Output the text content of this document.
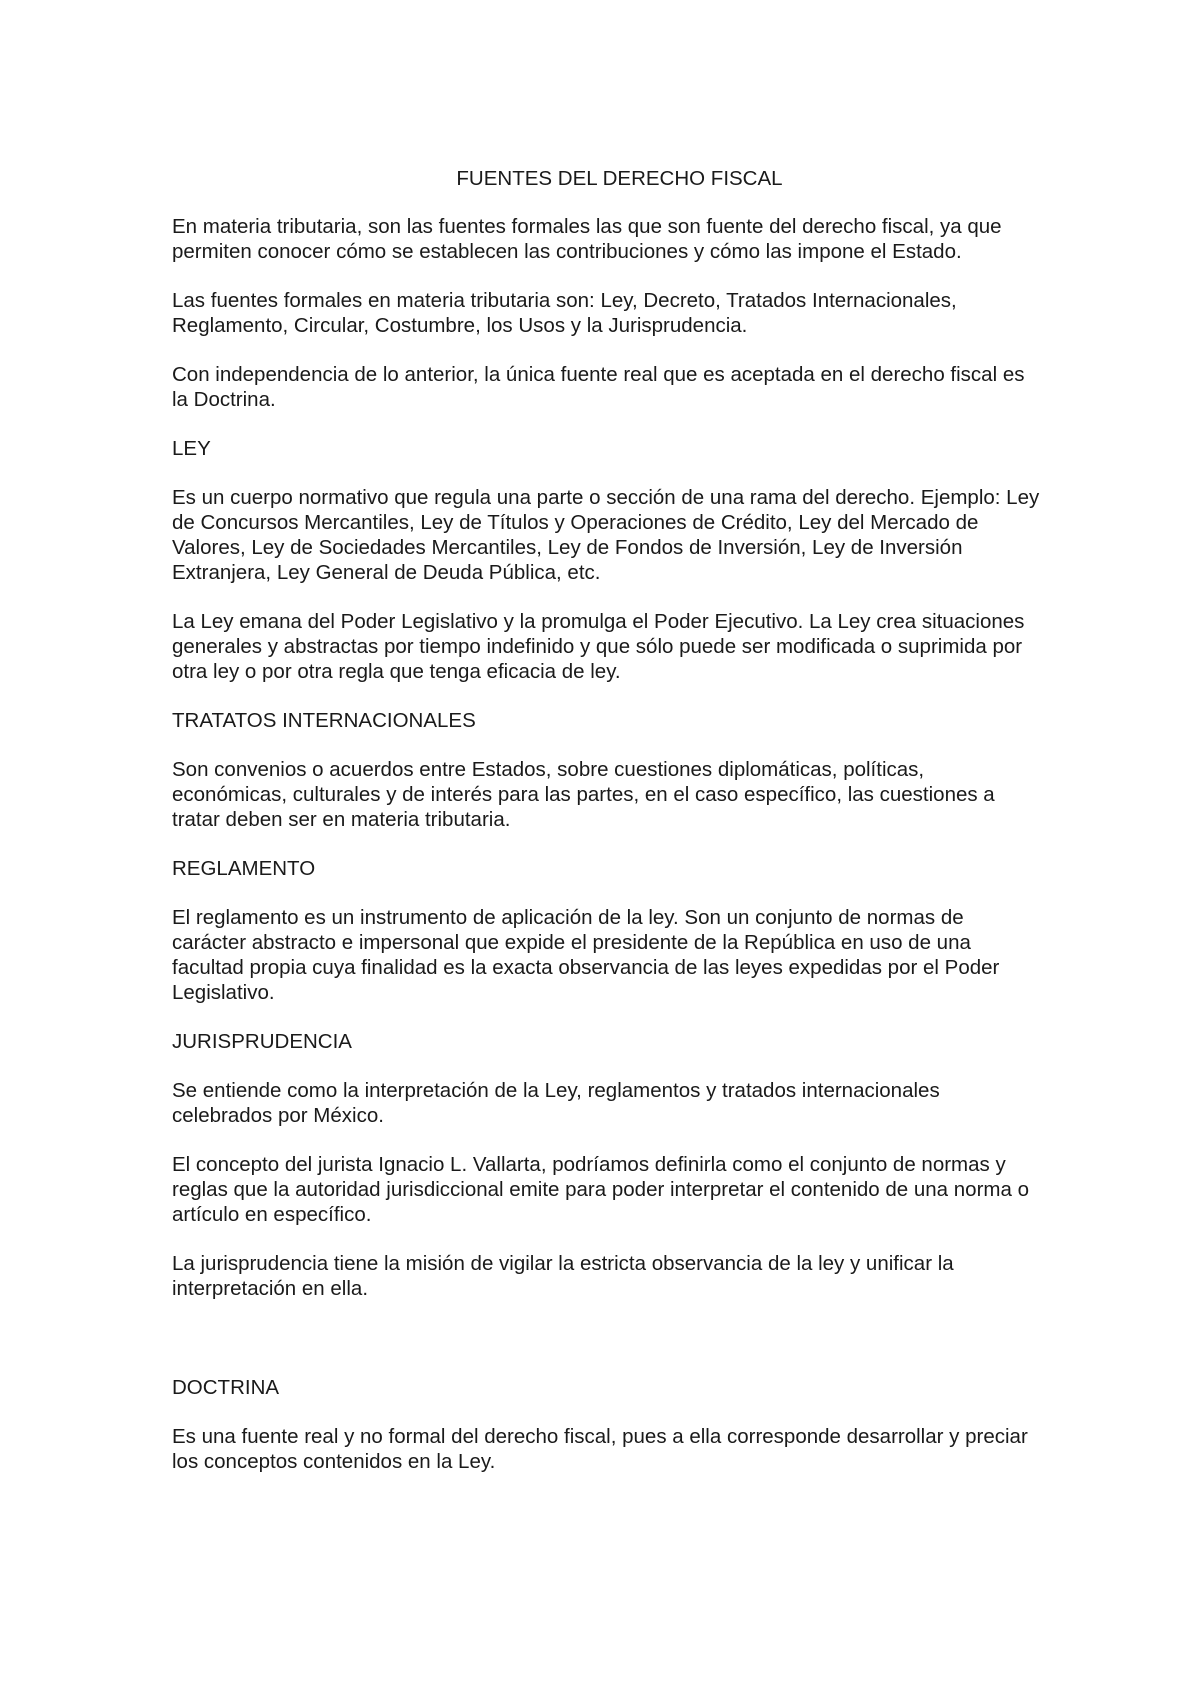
FUENTES DEL DERECHO FISCAL

En materia tributaria, son las fuentes formales las que son fuente del derecho fiscal, ya que permiten conocer cómo se establecen las contribuciones y cómo las impone el Estado.

Las fuentes formales en materia tributaria son: Ley, Decreto, Tratados Internacionales, Reglamento, Circular, Costumbre, los Usos y la Jurisprudencia.

Con independencia de lo anterior, la única fuente real que es aceptada en el derecho fiscal es la Doctrina.

LEY

Es un cuerpo normativo que regula una parte o sección de una rama del derecho. Ejemplo: Ley de Concursos Mercantiles, Ley de Títulos y Operaciones de Crédito, Ley del Mercado de Valores, Ley de Sociedades Mercantiles, Ley de Fondos de Inversión, Ley de Inversión Extranjera, Ley General de Deuda Pública, etc.

La Ley emana del Poder Legislativo y la promulga el Poder Ejecutivo. La Ley crea situaciones generales y abstractas por tiempo indefinido y que sólo puede ser modificada o suprimida por otra ley o por otra regla que tenga eficacia de ley.

TRATATOS INTERNACIONALES

Son convenios o acuerdos entre Estados, sobre cuestiones diplomáticas, políticas, económicas, culturales y de interés para las partes, en el caso específico, las cuestiones a tratar deben ser en materia tributaria.

REGLAMENTO

El reglamento es un instrumento de aplicación de la ley. Son un conjunto de normas de carácter abstracto e impersonal que expide el presidente de la República en uso de una facultad propia cuya finalidad es la exacta observancia de las leyes expedidas por el Poder Legislativo.

JURISPRUDENCIA

Se entiende como la interpretación de la Ley, reglamentos y tratados internacionales celebrados por México.

El concepto del jurista Ignacio L. Vallarta, podríamos definirla como el conjunto de normas y reglas que la autoridad jurisdiccional emite para poder interpretar el contenido de una norma o artículo en específico.

La jurisprudencia tiene la misión de vigilar la estricta observancia de la ley y unificar la interpretación en ella.

DOCTRINA

Es una fuente real y no formal del derecho fiscal, pues a ella corresponde desarrollar y preciar los conceptos contenidos en la Ley.
